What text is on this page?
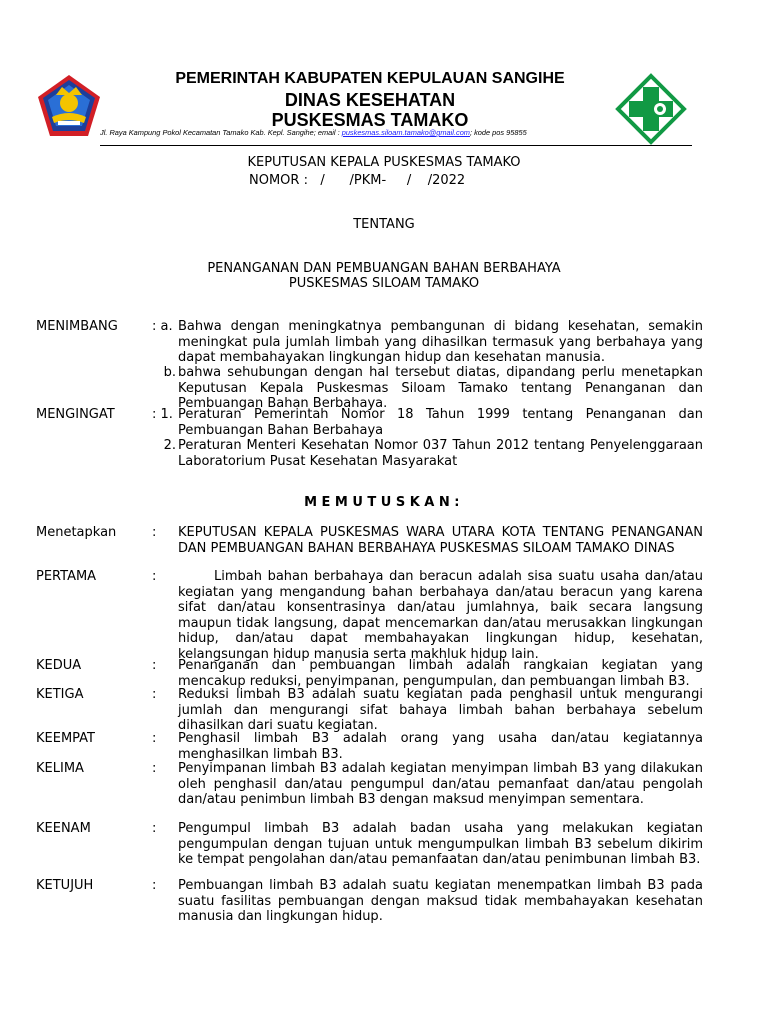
PEMERINTAH KABUPATEN KEPULAUAN SANGIHE
DINAS KESEHATAN
PUSKESMAS TAMAKO
Jl. Raya Kampung Pokol Kecamatan Tamako Kab. Kepl. Sangihe; email : puskesmas.siloam.tamako@gmail.com; kode pos 95855
KEPUTUSAN KEPALA PUSKESMAS TAMAKO
NOMOR :   /      /PKM-     /    /2022
TENTANG
PENANGANAN DAN PEMBUANGAN BAHAN BERBAHAYA
PUSKESMAS SILOAM TAMAKO
MENIMBANG	: a. Bahwa dengan meningkatnya pembangunan di bidang kesehatan, semakin meningkat pula jumlah limbah yang dihasilkan termasuk yang berbahaya yang dapat membahayakan lingkungan hidup dan kesehatan manusia.
b. bahwa sehubungan dengan hal tersebut diatas, dipandang perlu menetapkan Keputusan Kepala Puskesmas Siloam Tamako tentang Penanganan dan Pembuangan Bahan Berbahaya.
MENGINGAT	: 1. Peraturan Pemerintah Nomor 18 Tahun 1999 tentang Penanganan dan Pembuangan Bahan Berbahaya
2. Peraturan Menteri Kesehatan Nomor 037 Tahun 2012 tentang Penyelenggaraan Laboratorium Pusat Kesehatan Masyarakat
MEMUTUSKAN:
Menetapkan	: KEPUTUSAN KEPALA PUSKESMAS WARA UTARA KOTA TENTANG PENANGANAN DAN PEMBUANGAN BAHAN BERBAHAYA PUSKESMAS SILOAM TAMAKO DINAS
PERTAMA	:	Limbah bahan berbahaya dan beracun adalah sisa suatu usaha dan/atau kegiatan yang mengandung bahan berbahaya dan/atau beracun yang karena sifat dan/atau konsentrasinya dan/atau jumlahnya, baik secara langsung maupun tidak langsung, dapat mencemarkan dan/atau merusakkan lingkungan hidup, dan/atau dapat membahayakan lingkungan hidup, kesehatan, kelangsungan hidup manusia serta makhluk hidup lain.
KEDUA	: Penanganan dan pembuangan limbah adalah rangkaian kegiatan yang mencakup reduksi, penyimpanan, pengumpulan, dan pembuangan limbah B3.
KETIGA	: Reduksi limbah B3 adalah suatu kegiatan pada penghasil untuk mengurangi jumlah dan mengurangi sifat bahaya limbah bahan berbahaya sebelum dihasilkan dari suatu kegiatan.
KEEMPAT	: Penghasil limbah B3 adalah orang yang usaha dan/atau kegiatannya menghasilkan limbah B3.
KELIMA	: Penyimpanan limbah B3 adalah kegiatan menyimpan limbah B3 yang dilakukan oleh penghasil dan/atau pengumpul dan/atau pemanfaat dan/atau pengolah dan/atau penimbun limbah B3 dengan maksud menyimpan sementara.
KEENAM	: Pengumpul limbah B3 adalah badan usaha yang melakukan kegiatan pengumpulan dengan tujuan untuk mengumpulkan limbah B3 sebelum dikirim ke tempat pengolahan dan/atau pemanfaatan dan/atau penimbunan limbah B3.
KETUJUH	: Pembuangan limbah B3 adalah suatu kegiatan menempatkan limbah B3 pada suatu fasilitas pembuangan dengan maksud tidak membahayakan kesehatan manusia dan lingkungan hidup.
